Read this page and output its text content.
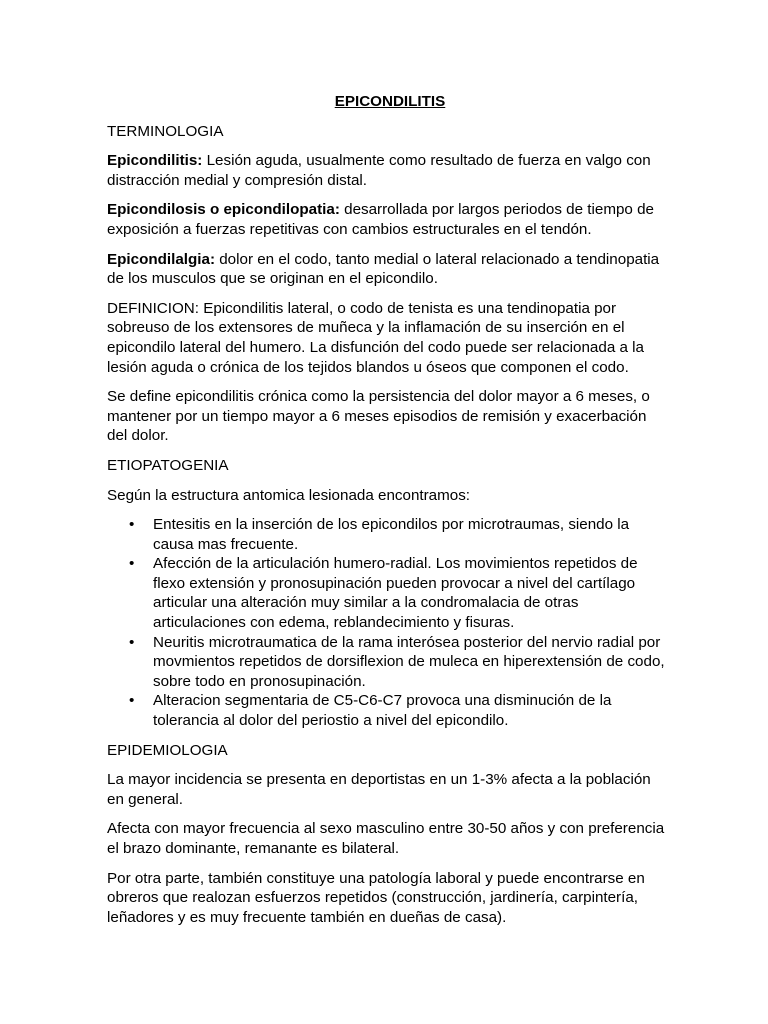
EPICONDILITIS
TERMINOLOGIA

Epicondilitis: Lesión aguda, usualmente como resultado de fuerza en valgo con distracción medial y compresión distal.

Epicondilosis o epicondilopatia: desarrollada por largos periodos de tiempo de exposición a fuerzas repetitivas con cambios estructurales en el tendón.

Epicondilalgia: dolor en el codo, tanto medial o lateral relacionado a tendinopatia de los musculos que se originan en el epicondilo.

DEFINICION: Epicondilitis lateral, o codo de tenista es una tendinopatia por sobreuso de los extensores de muñeca y la inflamación de su inserción en el epicondilo lateral del humero. La disfunción del codo puede ser relacionada a la lesión aguda o crónica de los tejidos blandos u óseos que componen el codo.

Se define epicondilitis crónica como la persistencia del dolor mayor a 6 meses, o mantener por un tiempo mayor a 6 meses episodios de remisión y exacerbación del dolor.

ETIOPATOGENIA

Según la estructura antomica lesionada encontramos:

• Entesitis en la inserción de los epicondilos por microtraumas, siendo la causa mas frecuente.
• Afección de la articulación humero-radial. Los movimientos repetidos de flexo extensión y pronosupinación pueden provocar a nivel del cartílago articular una alteración muy similar a la condromalacia de otras articulaciones con edema, reblandecimiento y fisuras.
• Neuritis microtraumatica de la rama interósea posterior del nervio radial por movmientos repetidos de dorsiflexion de muleca en hiperextensión de codo, sobre todo en pronosupinación.
• Alteracion segmentaria de C5-C6-C7 provoca una disminución de la tolerancia al dolor del periostio a nivel del epicondilo.
EPIDEMIOLOGIA

La mayor incidencia se presenta en deportistas en un 1-3% afecta a la población en general.

Afecta con mayor frecuencia al sexo masculino entre 30-50 años y con preferencia el brazo dominante, remanante es bilateral.

Por otra parte, también constituye una patología laboral y puede encontrarse en obreros que realozan esfuerzos repetidos (construcción, jardinería, carpintería, leñadores y es muy frecuente también en dueñas de casa).
